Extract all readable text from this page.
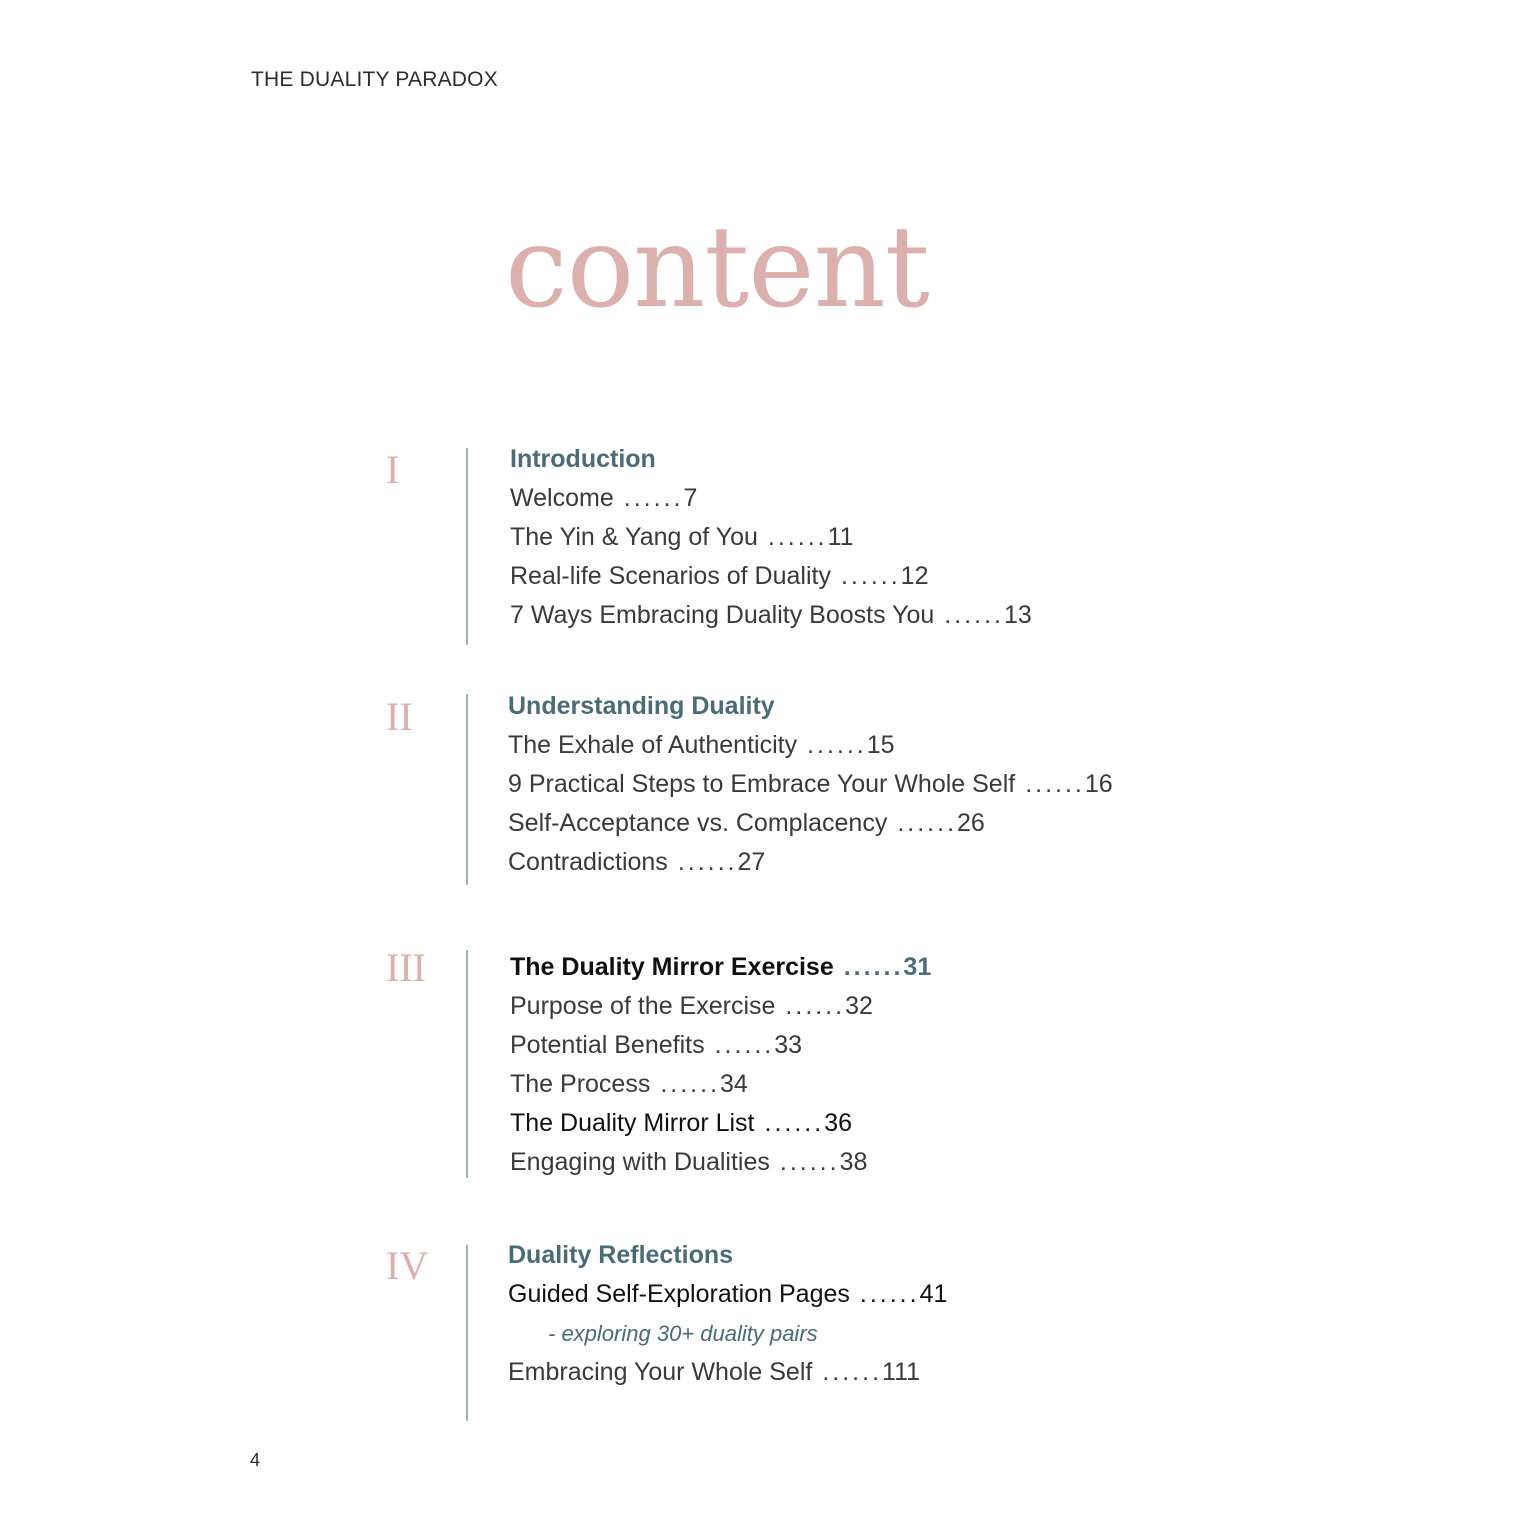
THE DUALITY PARADOX
content
I	Introduction
Welcome ......7
The Yin & Yang of You ......11
Real-life Scenarios of Duality ......12
7 Ways Embracing Duality Boosts You ......13
II	Understanding Duality
The Exhale of Authenticity ......15
9 Practical Steps to Embrace Your Whole Self ......16
Self-Acceptance vs. Complacency ......26
Contradictions ......27
III	The Duality Mirror Exercise ......31
Purpose of the Exercise ......32
Potential Benefits ......33
The Process ......34
The Duality Mirror List ......36
Engaging with Dualities ......38
IV	Duality Reflections
Guided Self-Exploration Pages ......41
- exploring 30+ duality pairs
Embracing Your Whole Self ......111
4
